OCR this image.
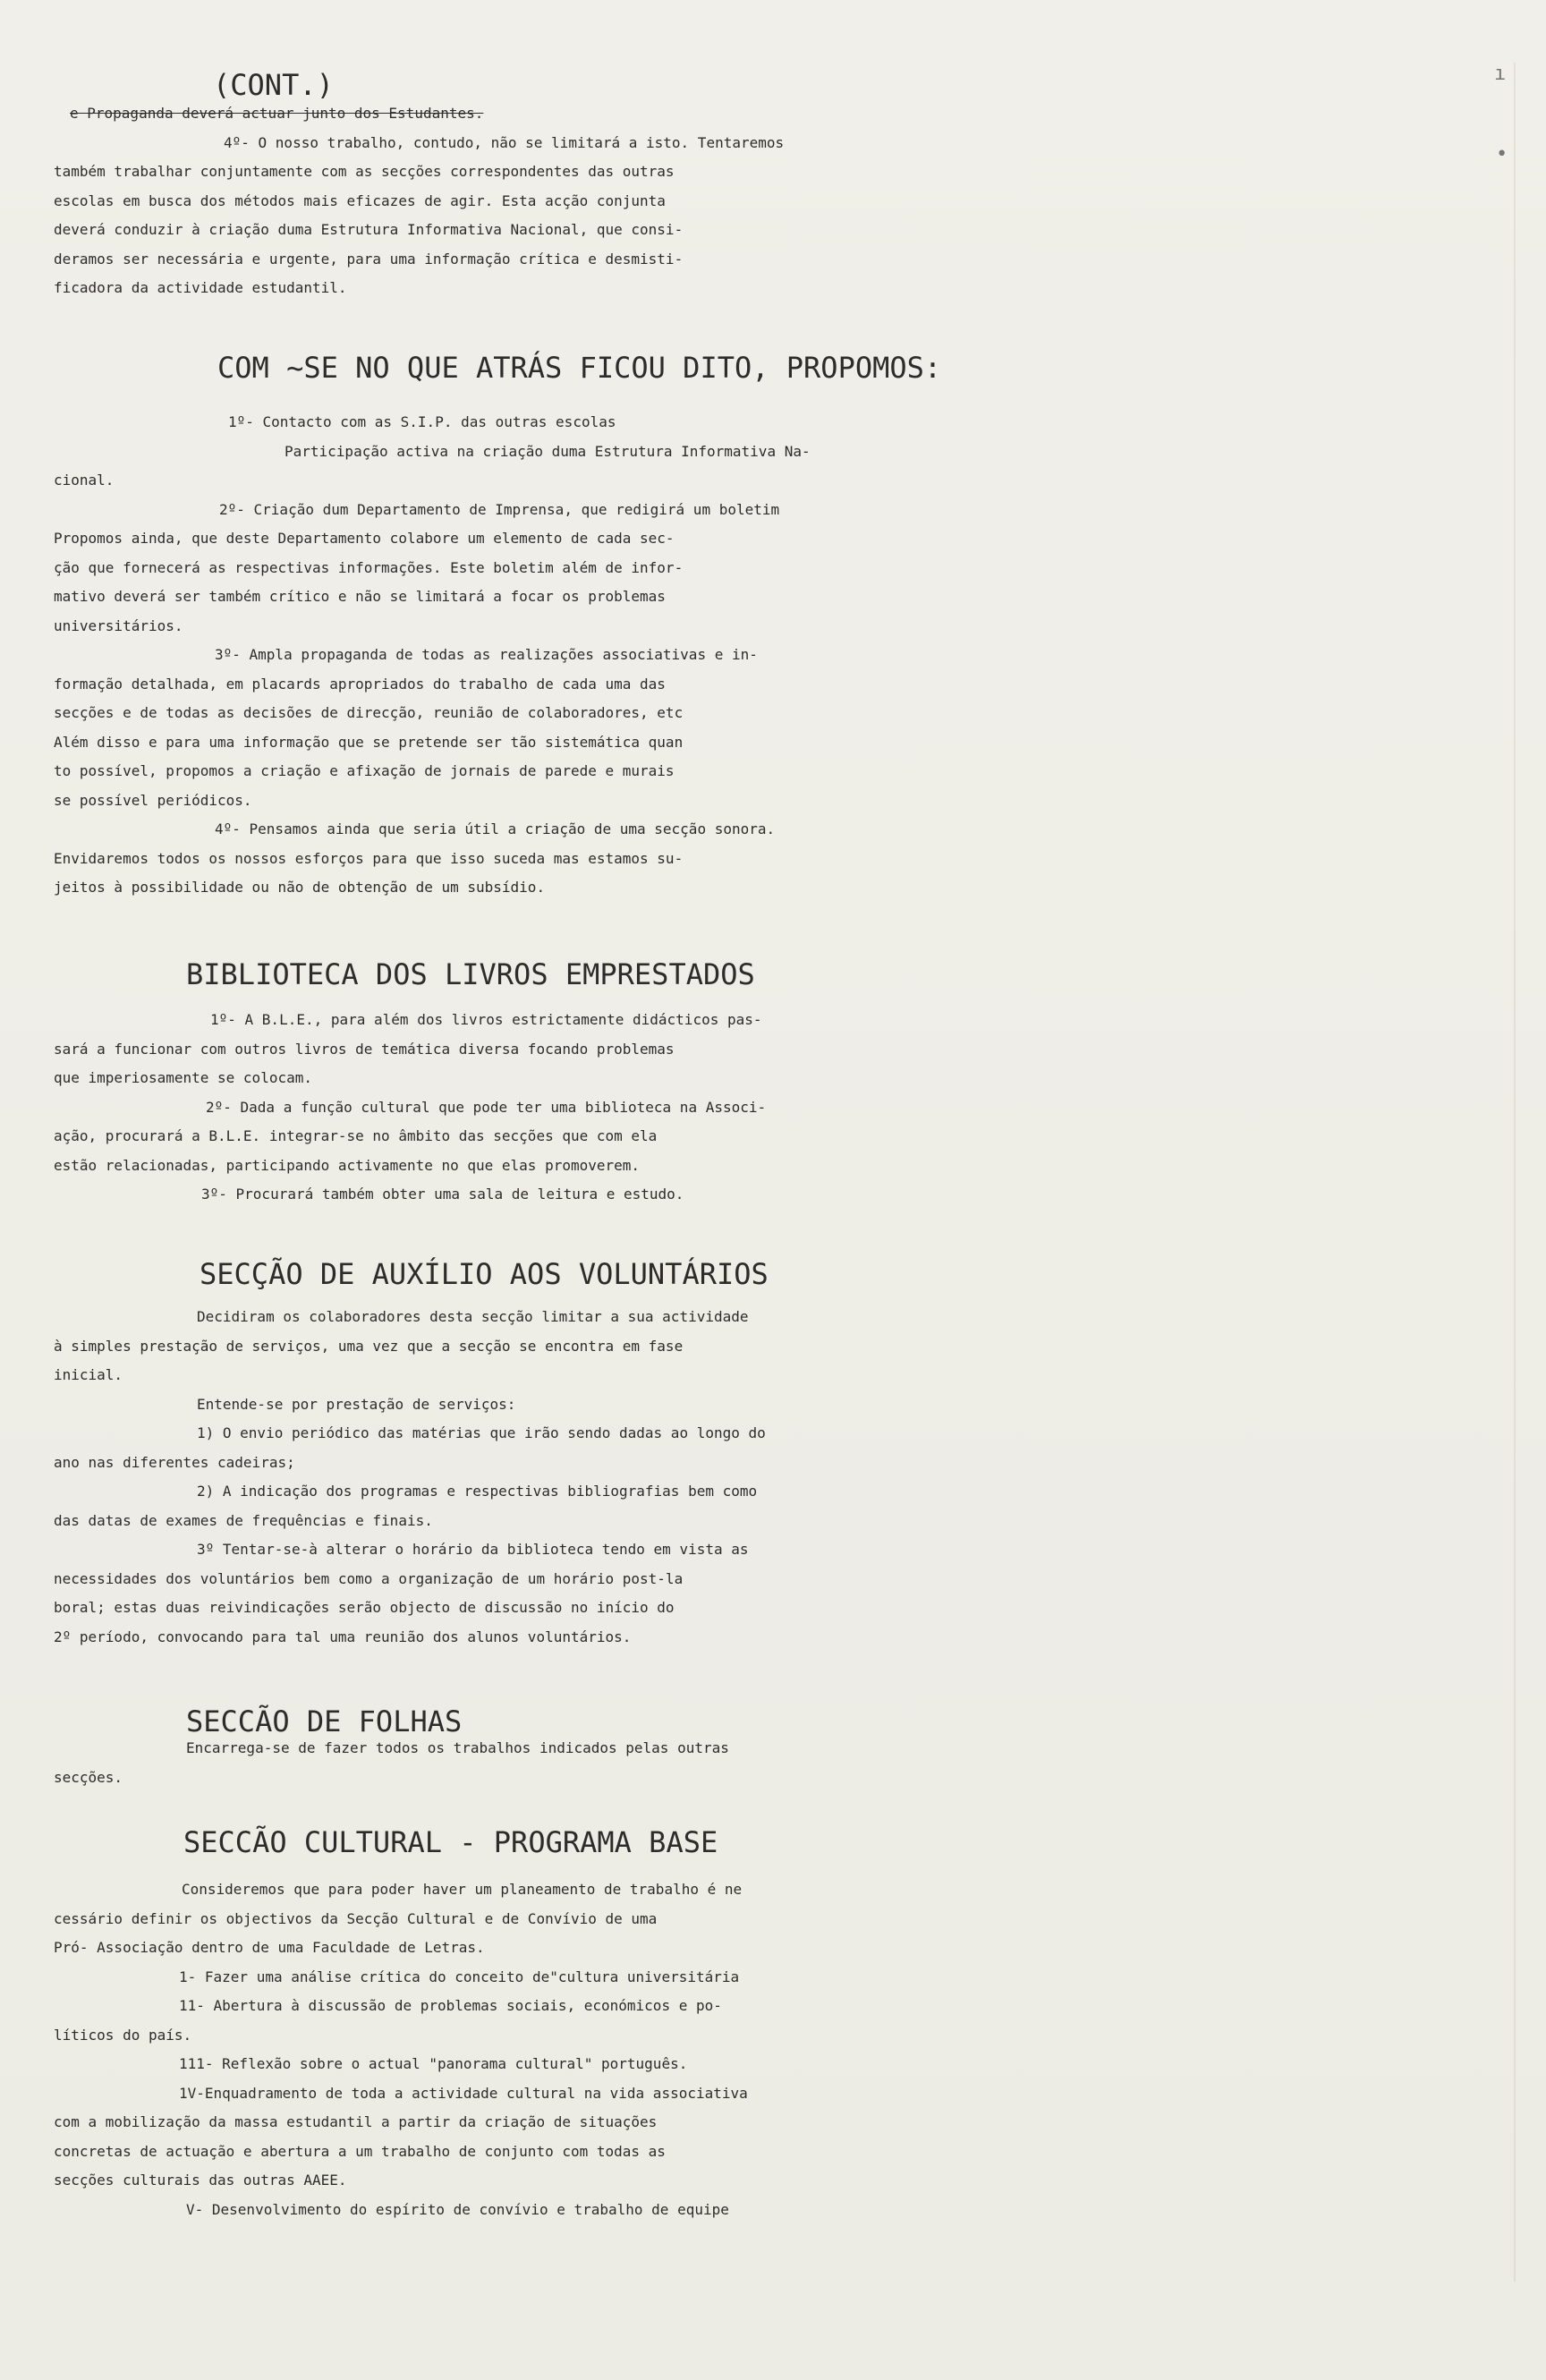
ı
•
(CONT.)
e Propaganda deverá actuar junto dos Estudantes.
4º- O nosso trabalho, contudo, não se limitará a isto. Tentaremos
também trabalhar conjuntamente com as secções correspondentes das outras
escolas em busca dos métodos mais eficazes de agir. Esta acção conjunta
deverá conduzir à criação duma Estrutura Informativa Nacional, que consi-
deramos ser necessária e urgente, para uma informação crítica e desmisti-
ficadora da actividade estudantil.
COM ~SE NO QUE ATRÁS FICOU DITO, PROPOMOS:
1º- Contacto com as S.I.P. das outras escolas
Participação activa na criação duma Estrutura Informativa Na-
cional.
2º- Criação dum Departamento de Imprensa, que redigirá um boletim
Propomos ainda, que deste Departamento colabore um elemento de cada sec-
ção que fornecerá as respectivas informações. Este boletim além de infor-
mativo deverá ser também crítico e não se limitará a focar os problemas
universitários.
3º- Ampla propaganda de todas as realizações associativas e in-
formação detalhada, em placards apropriados do trabalho de cada uma das
secções e de todas as decisões de direcção, reunião de colaboradores, etc
Além disso e para uma informação que se pretende ser tão sistemática quan
to possível, propomos a criação e afixação de jornais de parede e murais
se possível periódicos.
4º- Pensamos ainda que seria útil a criação de uma secção sonora.
Envidaremos todos os nossos esforços para que isso suceda mas estamos su-
jeitos à possibilidade ou não de obtenção de um subsídio.
BIBLIOTECA DOS LIVROS EMPRESTADOS
1º- A B.L.E., para além dos livros estrictamente didácticos pas-
sará a funcionar com outros livros de temática diversa focando problemas
que imperiosamente se colocam.
2º- Dada a função cultural que pode ter uma biblioteca na Associ-
ação, procurará a B.L.E. integrar-se no âmbito das secções que com ela
estão relacionadas, participando activamente no que elas promoverem.
3º- Procurará também obter uma sala de leitura e estudo.
SECÇÃO DE AUXÍLIO AOS VOLUNTÁRIOS
Decidiram os colaboradores desta secção limitar a sua actividade
à simples prestação de serviços, uma vez que a secção se encontra em fase
inicial.
Entende-se por prestação de serviços:
1) O envio periódico das matérias que irão sendo dadas ao longo do
ano nas diferentes cadeiras;
2) A indicação dos programas e respectivas bibliografias bem como
das datas de exames de frequências e finais.
3º Tentar-se-à alterar o horário da biblioteca tendo em vista as
necessidades dos voluntários bem como a organização de um horário post-la
boral; estas duas reivindicações serão objecto de discussão no início do
2º período, convocando para tal uma reunião dos alunos voluntários.
SECCÃO DE FOLHAS
Encarrega-se de fazer todos os trabalhos indicados pelas outras
secções.
SECCÃO CULTURAL - PROGRAMA BASE
Consideremos que para poder haver um planeamento de trabalho é ne
cessário definir os objectivos da Secção Cultural e de Convívio de uma
Pró- Associação dentro de uma Faculdade de Letras.
1- Fazer uma análise crítica do conceito de"cultura universitária
11- Abertura à discussão de problemas sociais, económicos e po-
líticos do país.
111- Reflexão sobre o actual "panorama cultural" português.
1V-Enquadramento de toda a actividade cultural na vida associativa
com a mobilização da massa estudantil a partir da criação de situações
concretas de actuação e abertura a um trabalho de conjunto com todas as
secções culturais das outras AAEE.
V- Desenvolvimento do espírito de convívio e trabalho de equipe
